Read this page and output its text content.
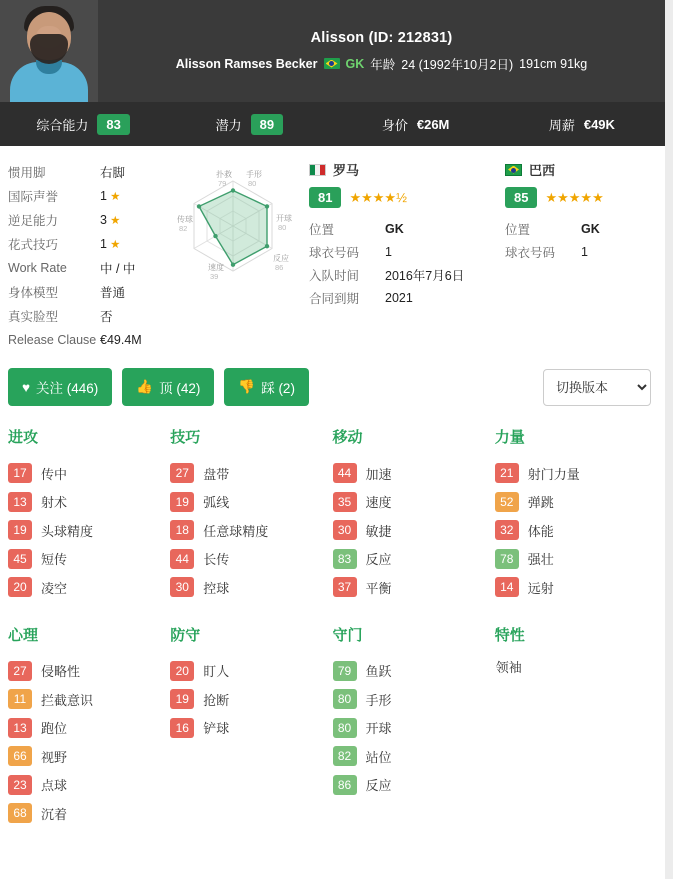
Alisson (ID: 212831)
Alisson Ramses Becker GK 年龄 24 (1992年10月2日) 191cm 91kg
综合能力	83	潜力	89	身价 €26M	周薪 €49K
惯用脚	右脚
国际声誉	1 ★
逆足能力	3 ★
花式技巧	1 ★
Work Rate	中 / 中
身体模型	普通
真实脸型	否
Release Clause €49.4M
扑救
79
手形
80
开球
80
反应
86
速度
39
传球
82
罗马
81	★★★★½
位置	GK
球衣号码	1
入队时间	2016年7月6日
合同到期	2021
巴西
85	★★★★★
位置	GK
球衣号码	1
♥ 关注 (446)	👍 顶 (42)	👎 踩 (2)
切换版本
进攻
17	传中
13	射术
19	头球精度
45	短传
20	凌空
技巧
27	盘带
19	弧线
18	任意球精度
44	长传
30	控球
移动
44	加速
35	速度
30	敏捷
83	反应
37	平衡
力量
21	射门力量
52	弹跳
32	体能
78	强壮
14	远射
心理
27	侵略性
11	拦截意识
13	跑位
66	视野
23	点球
68	沉着
防守
20	盯人
19	抢断
16	铲球
守门
79	鱼跃
80	手形
80	开球
82	站位
86	反应
特性
领袖
